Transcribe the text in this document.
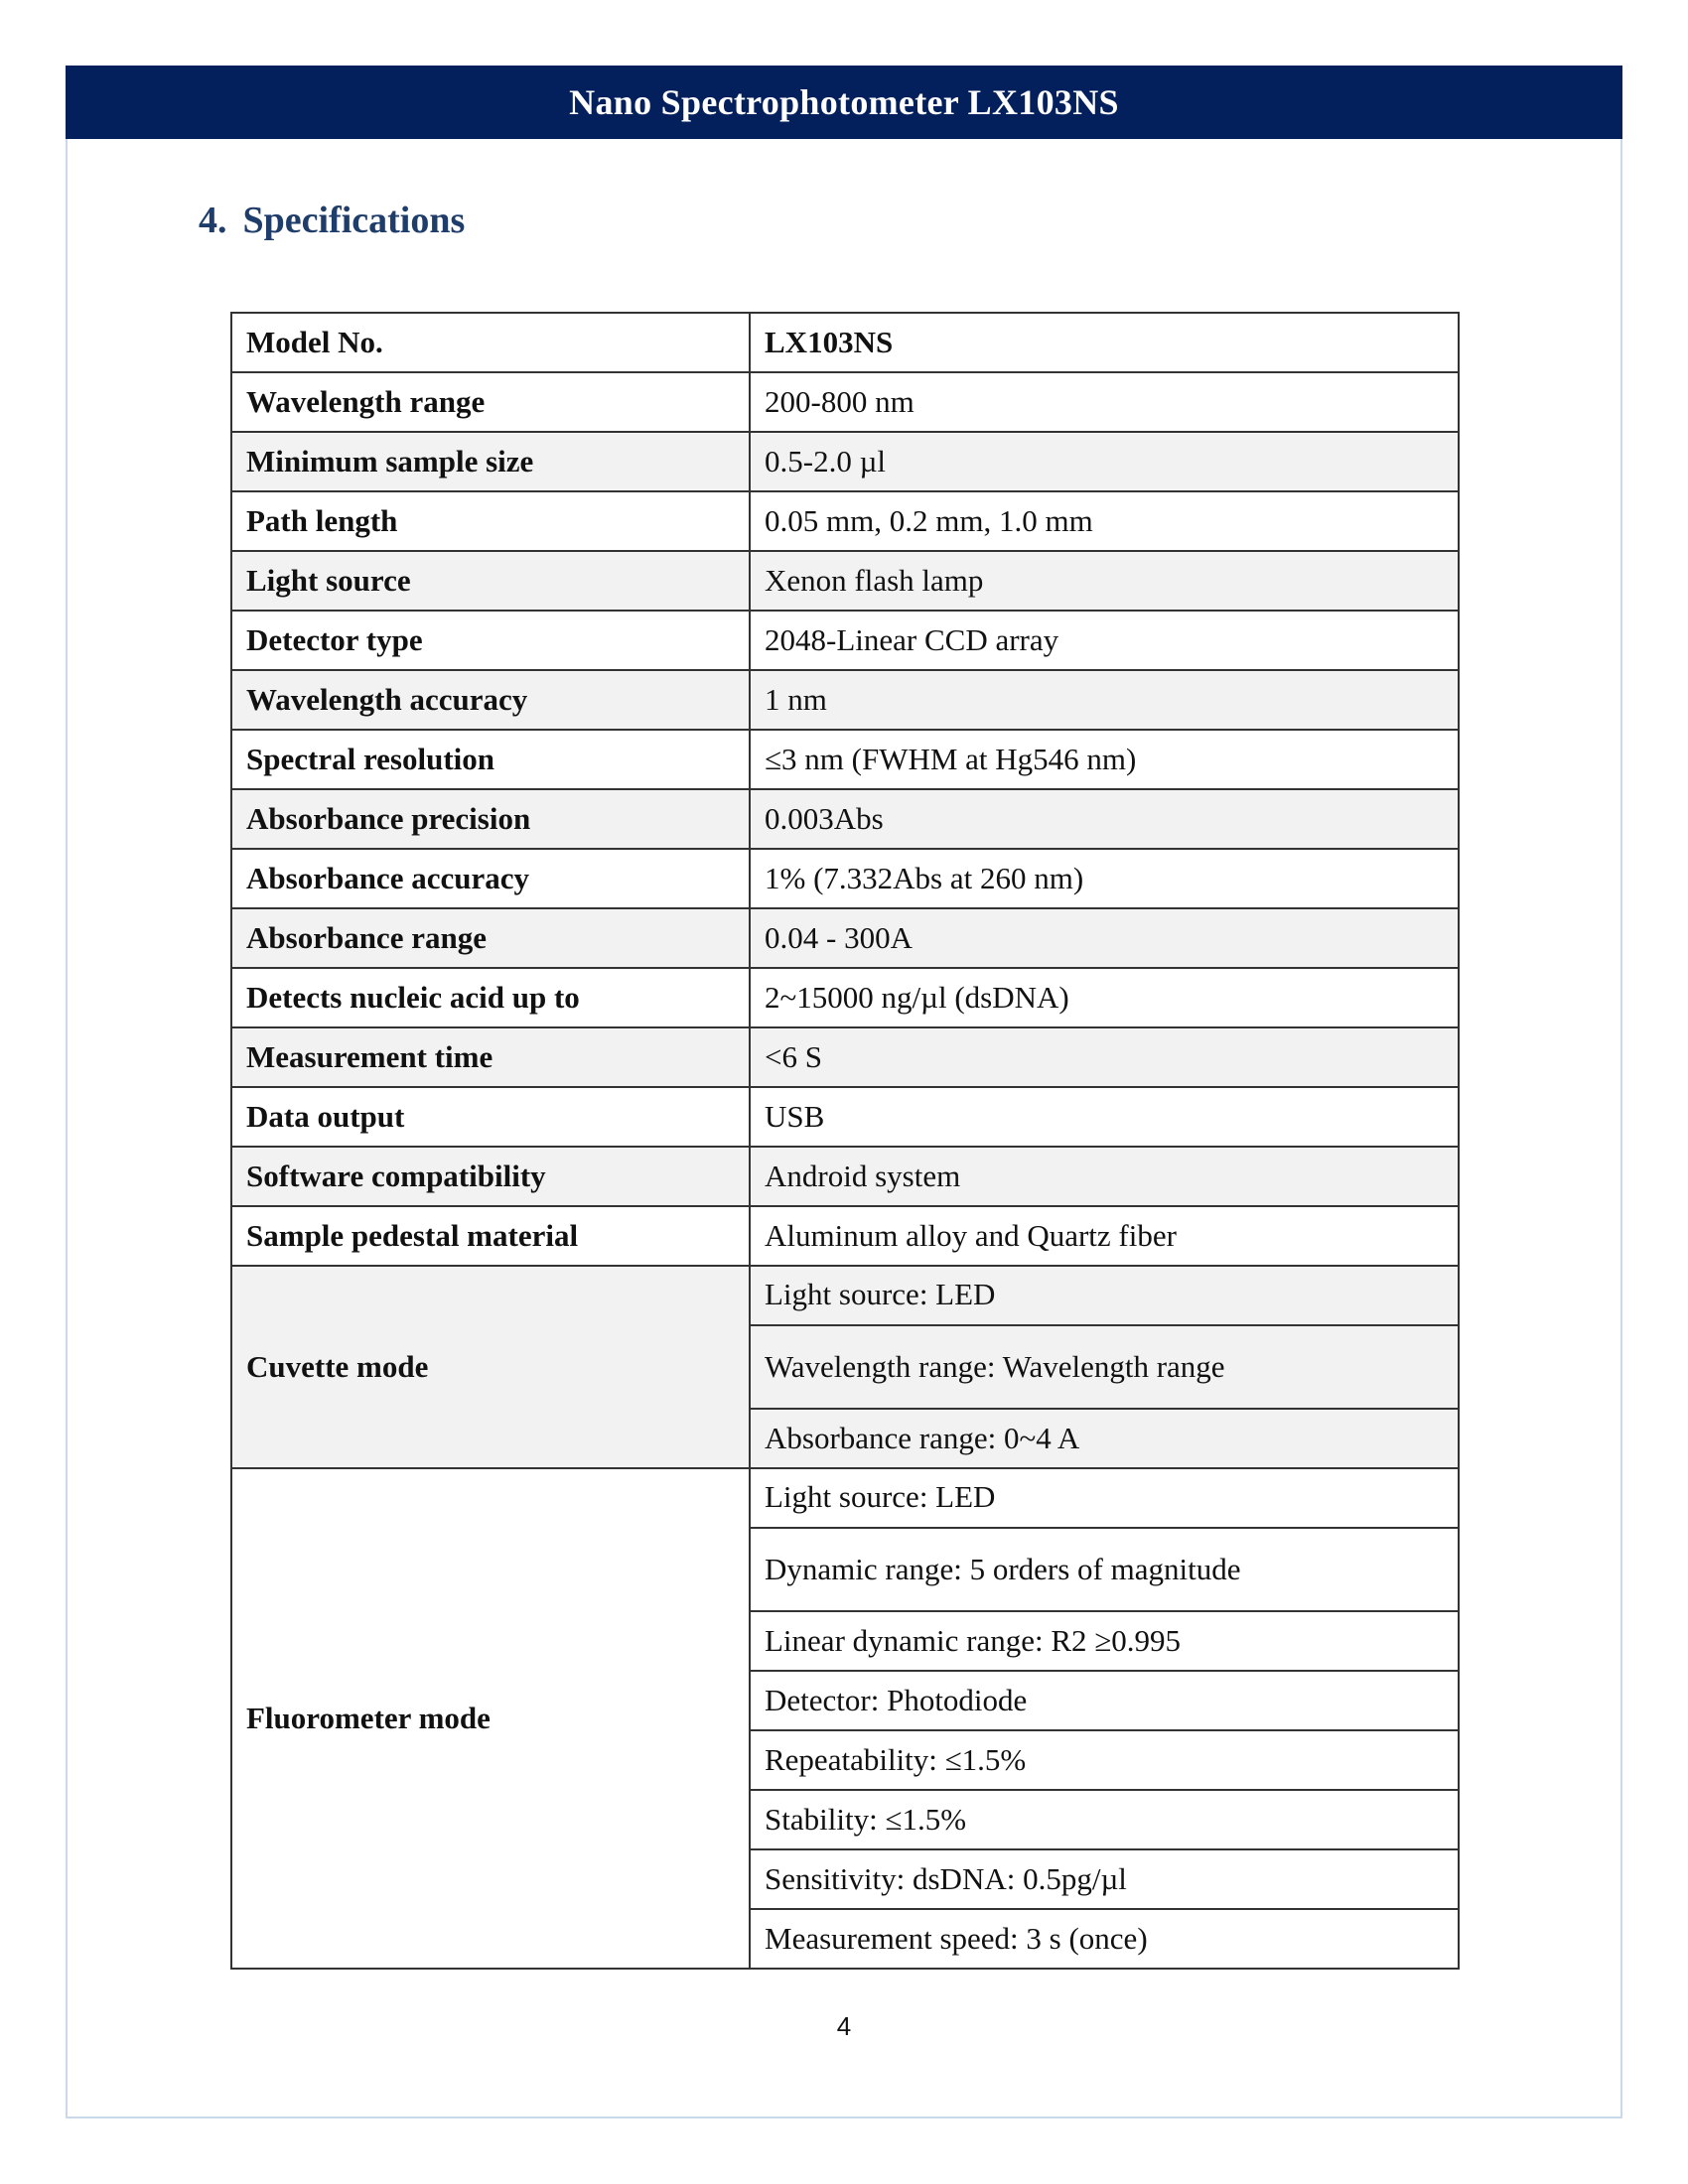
Nano Spectrophotometer LX103NS
4. Specifications
Model No.	LX103NS
Wavelength range	200-800 nm
Minimum sample size	0.5-2.0 µl
Path length	0.05 mm, 0.2 mm, 1.0 mm
Light source	Xenon flash lamp
Detector type	2048-Linear CCD array
Wavelength accuracy	1 nm
Spectral resolution	≤3 nm (FWHM at Hg546 nm)
Absorbance precision	0.003Abs
Absorbance accuracy	1% (7.332Abs at 260 nm)
Absorbance range	0.04 - 300A
Detects nucleic acid up to	2~15000 ng/µl (dsDNA)
Measurement time	<6 S
Data output	USB
Software compatibility	Android system
Sample pedestal material	Aluminum alloy and Quartz fiber
Cuvette mode	Light source: LED
	Wavelength range: Wavelength range
	Absorbance range: 0~4 A
Fluorometer mode	Light source: LED
	Dynamic range: 5 orders of magnitude
	Linear dynamic range: R2 ≥0.995
	Detector: Photodiode
	Repeatability: ≤1.5%
	Stability: ≤1.5%
	Sensitivity: dsDNA: 0.5pg/µl
	Measurement speed: 3 s (once)
4
